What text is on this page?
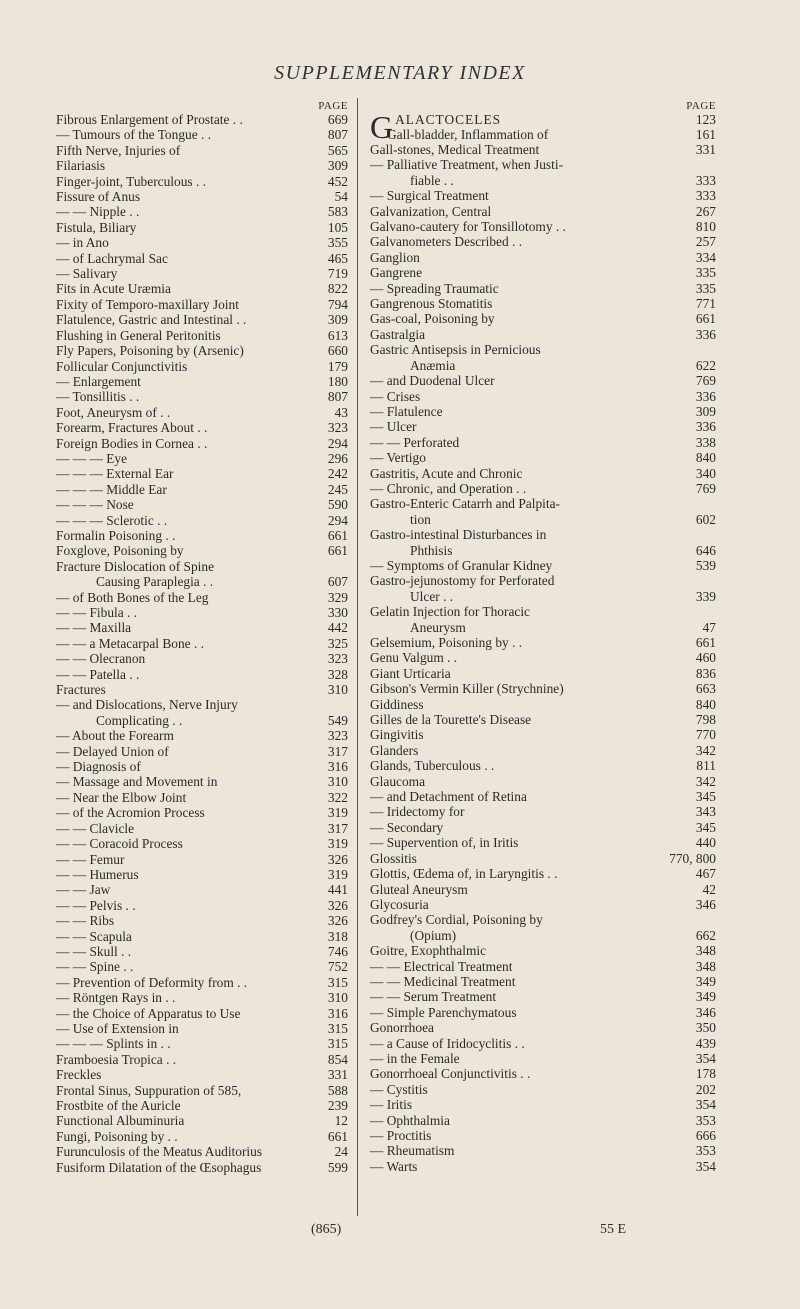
SUPPLEMENTARY INDEX
PAGE
Fibrous Enlargement of Prostate . .	669
— Tumours of the Tongue . .	807
Fifth Nerve, Injuries of	565
Filariasis	309
Finger-joint, Tuberculous . .	452
Fissure of Anus	54
— — Nipple . .	583
Fistula, Biliary	105
— in Ano	355
— of Lachrymal Sac	465
— Salivary	719
Fits in Acute Uræmia	822
Fixity of Temporo-maxillary Joint	794
Flatulence, Gastric and Intestinal . .	309
Flushing in General Peritonitis	613
Fly Papers, Poisoning by (Arsenic)	660
Follicular Conjunctivitis	179
— Enlargement	180
— Tonsillitis . .	807
Foot, Aneurysm of . .	43
Forearm, Fractures About . .	323
Foreign Bodies in Cornea . .	294
— — — Eye	296
— — — External Ear	242
— — — Middle Ear	245
— — — Nose	590
— — — Sclerotic . .	294
Formalin Poisoning . .	661
Foxglove, Poisoning by	661
Fracture Dislocation of Spine
Causing Paraplegia . .	607
— of Both Bones of the Leg	329
— — Fibula . .	330
— — Maxilla	442
— — a Metacarpal Bone . .	325
— — Olecranon	323
— — Patella . .	328
Fractures	310
— and Dislocations, Nerve Injury
Complicating . .	549
— About the Forearm	323
— Delayed Union of	317
— Diagnosis of	316
— Massage and Movement in	310
— Near the Elbow Joint	322
— of the Acromion Process	319
— — Clavicle	317
— — Coracoid Process	319
— — Femur	326
— — Humerus	319
— — Jaw	441
— — Pelvis . .	326
— — Ribs	326
— — Scapula	318
— — Skull . .	746
— — Spine . .	752
— Prevention of Deformity from . .	315
— Röntgen Rays in . .	310
— the Choice of Apparatus to Use	316
— Use of Extension in	315
— — — Splints in . .	315
Framboesia Tropica . .	854
Freckles	331
Frontal Sinus, Suppuration of 585,	588
Frostbite of the Auricle	239
Functional Albuminuria	12
Fungi, Poisoning by . .	661
Furunculosis of the Meatus Auditorius	24
Fusiform Dilatation of the Œsophagus	599
PAGE
G ALACTOCELES	123
Gall-bladder, Inflammation of	161
Gall-stones, Medical Treatment	331
— Palliative Treatment, when Justi-
fiable . .	333
— Surgical Treatment	333
Galvanization, Central	267
Galvano-cautery for Tonsillotomy . .	810
Galvanometers Described . .	257
Ganglion	334
Gangrene	335
— Spreading Traumatic	335
Gangrenous Stomatitis	771
Gas-coal, Poisoning by	661
Gastralgia	336
Gastric Antisepsis in Pernicious
Anæmia	622
— and Duodenal Ulcer	769
— Crises	336
— Flatulence	309
— Ulcer	336
— — Perforated	338
— Vertigo	840
Gastritis, Acute and Chronic	340
— Chronic, and Operation . .	769
Gastro-Enteric Catarrh and Palpita-
tion	602
Gastro-intestinal Disturbances in
Phthisis	646
— Symptoms of Granular Kidney	539
Gastro-jejunostomy for Perforated
Ulcer . .	339
Gelatin Injection for Thoracic
Aneurysm	47
Gelsemium, Poisoning by . .	661
Genu Valgum . .	460
Giant Urticaria	836
Gibson's Vermin Killer (Strychnine)	663
Giddiness	840
Gilles de la Tourette's Disease	798
Gingivitis	770
Glanders	342
Glands, Tuberculous . .	811
Glaucoma	342
— and Detachment of Retina	345
— Iridectomy for	343
— Secondary	345
— Supervention of, in Iritis	440
Glossitis	770, 800
Glottis, Œdema of, in Laryngitis . .	467
Gluteal Aneurysm	42
Glycosuria	346
Godfrey's Cordial, Poisoning by
(Opium)	662
Goitre, Exophthalmic	348
— — Electrical Treatment	348
— — Medicinal Treatment	349
— — Serum Treatment	349
— Simple Parenchymatous	346
Gonorrhoea	350
— a Cause of Iridocyclitis . .	439
— in the Female	354
Gonorrhoeal Conjunctivitis . .	178
— Cystitis	202
— Iritis	354
— Ophthalmia	353
— Proctitis	666
— Rheumatism	353
— Warts	354
(865)	55 E
